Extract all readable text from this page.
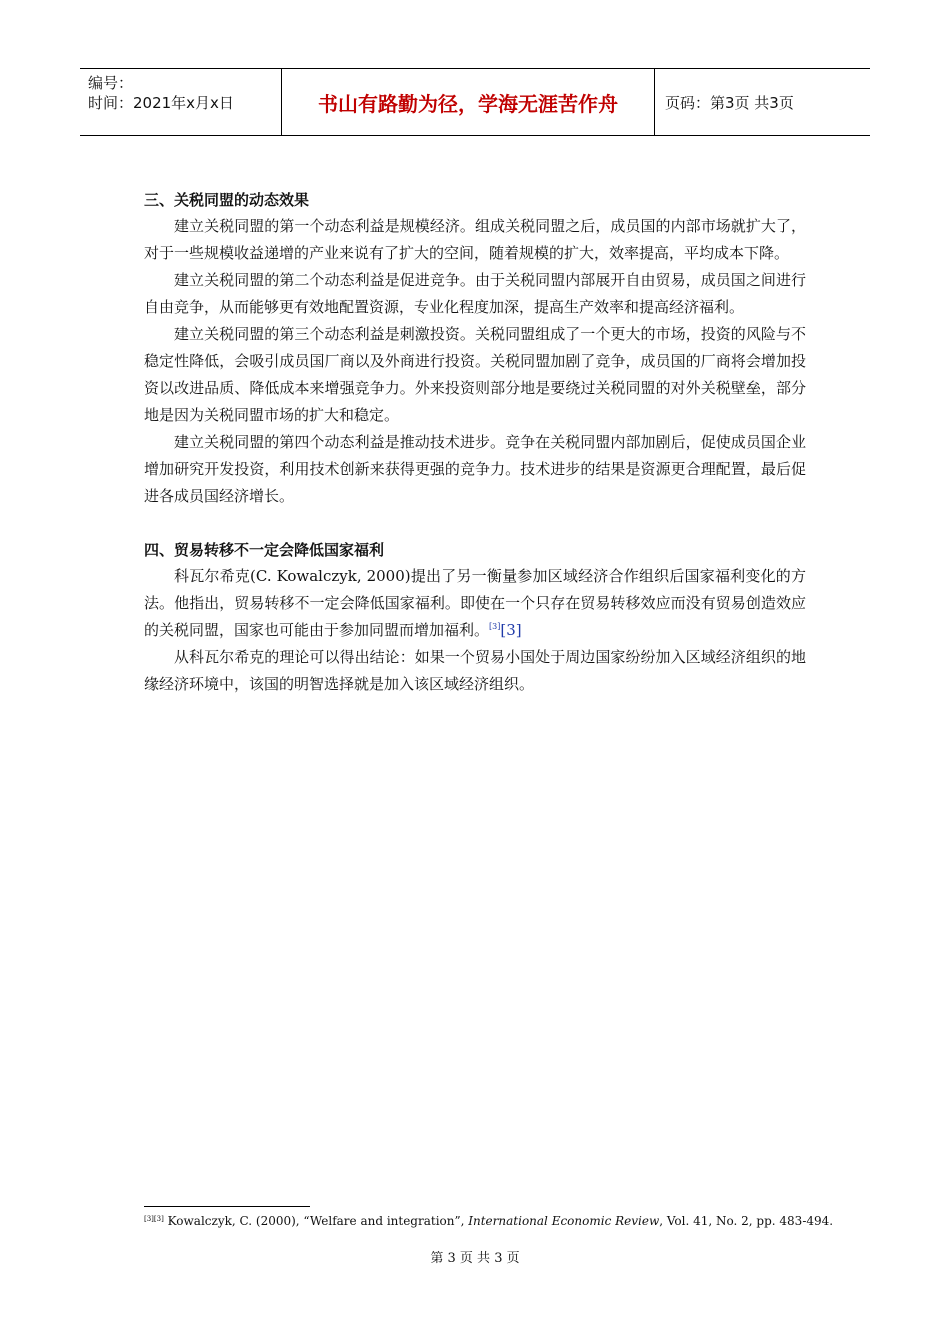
编号：
时间：2021年x月x日	书山有路勤为径，学海无涯苦作舟	页码：第3页 共3页
三、关税同盟的动态效果

建立关税同盟的第一个动态利益是规模经济。组成关税同盟之后，成员国的内部市场就扩大了，对于一些规模收益递增的产业来说有了扩大的空间，随着规模的扩大，效率提高，平均成本下降。

建立关税同盟的第二个动态利益是促进竞争。由于关税同盟内部展开自由贸易，成员国之间进行自由竞争，从而能够更有效地配置资源，专业化程度加深，提高生产效率和提高经济福利。

建立关税同盟的第三个动态利益是刺激投资。关税同盟组成了一个更大的市场，投资的风险与不稳定性降低，会吸引成员国厂商以及外商进行投资。关税同盟加剧了竞争，成员国的厂商将会增加投资以改进品质、降低成本来增强竞争力。外来投资则部分地是要绕过关税同盟的对外关税壁垒，部分地是因为关税同盟市场的扩大和稳定。

建立关税同盟的第四个动态利益是推动技术进步。竞争在关税同盟内部加剧后，促使成员国企业增加研究开发投资，利用技术创新来获得更强的竞争力。技术进步的结果是资源更合理配置，最后促进各成员国经济增长。

四、贸易转移不一定会降低国家福利

科瓦尔希克(C. Kowalczyk, 2000)提出了另一衡量参加区域经济合作组织后国家福利变化的方法。他指出，贸易转移不一定会降低国家福利。即使在一个只存在贸易转移效应而没有贸易创造效应的关税同盟，国家也可能由于参加同盟而增加福利。[3][3]

从科瓦尔希克的理论可以得出结论：如果一个贸易小国处于周边国家纷纷加入区域经济组织的地缘经济环境中，该国的明智选择就是加入该区域经济组织。

[3][3] Kowalczyk, C. (2000), “Welfare and integration”, International Economic Review, Vol. 41, No. 2, pp. 483-494.
第 3 页 共 3 页
